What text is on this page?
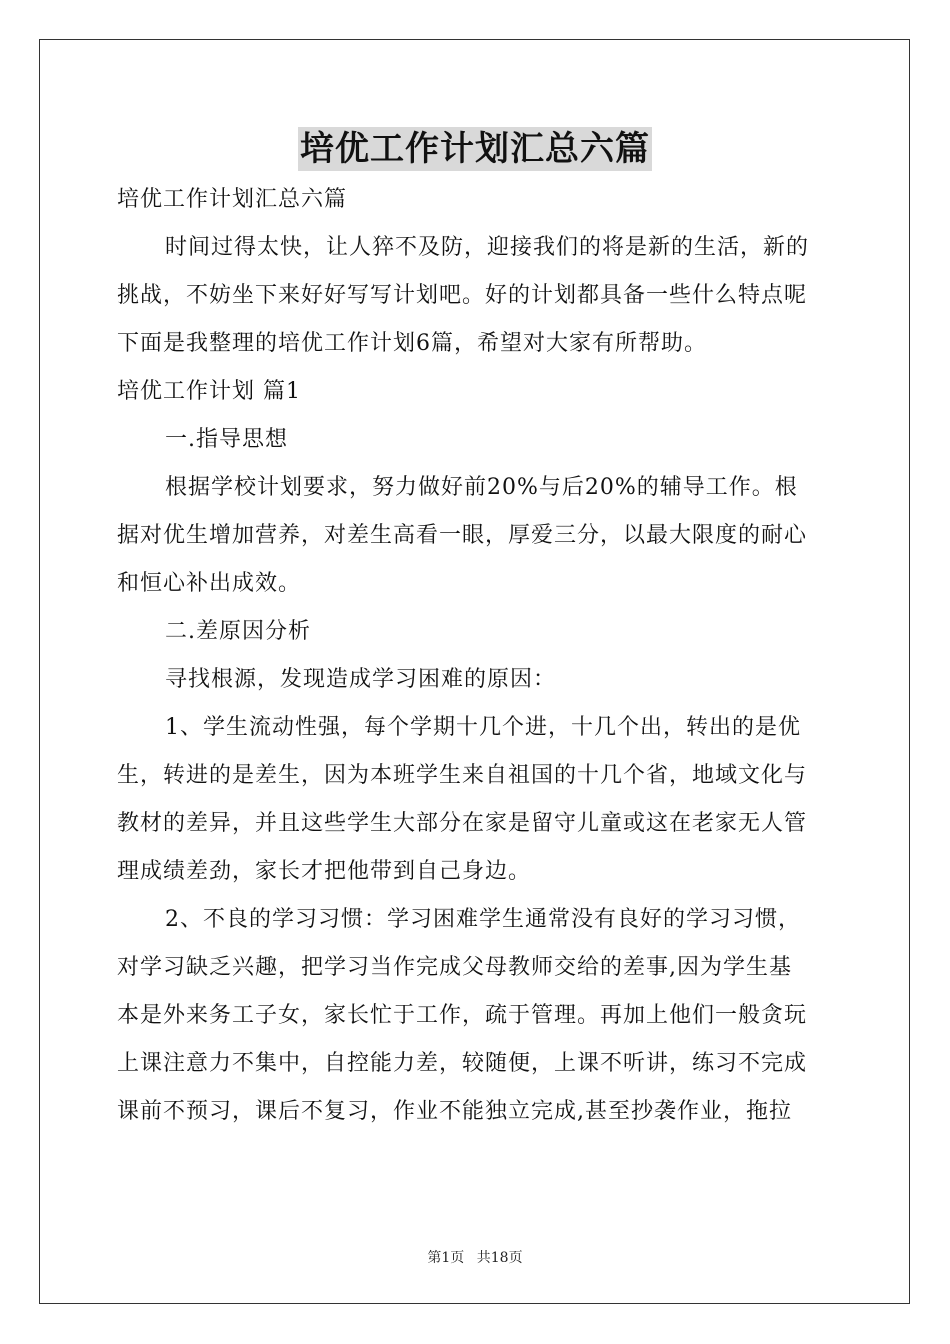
培优工作计划汇总六篇
培优工作计划汇总六篇
时间过得太快，让人猝不及防，迎接我们的将是新的生活，新的
挑战，不妨坐下来好好写写计划吧。好的计划都具备一些什么特点呢
下面是我整理的培优工作计划6篇，希望对大家有所帮助。
培优工作计划 篇1
一.指导思想
根据学校计划要求，努力做好前20%与后20%的辅导工作。根
据对优生增加营养，对差生高看一眼，厚爱三分，以最大限度的耐心
和恒心补出成效。
二.差原因分析
寻找根源，发现造成学习困难的原因：
1、学生流动性强，每个学期十几个进，十几个出，转出的是优
生，转进的是差生，因为本班学生来自祖国的十几个省，地域文化与
教材的差异，并且这些学生大部分在家是留守儿童或这在老家无人管
理成绩差劲，家长才把他带到自己身边。
2、不良的学习习惯：学习困难学生通常没有良好的学习习惯，
对学习缺乏兴趣，把学习当作完成父母教师交给的差事,因为学生基
本是外来务工子女，家长忙于工作，疏于管理。再加上他们一般贪玩
上课注意力不集中，自控能力差，较随便，上课不听讲，练习不完成
课前不预习，课后不复习，作业不能独立完成,甚至抄袭作业，拖拉
第1页 共18页
